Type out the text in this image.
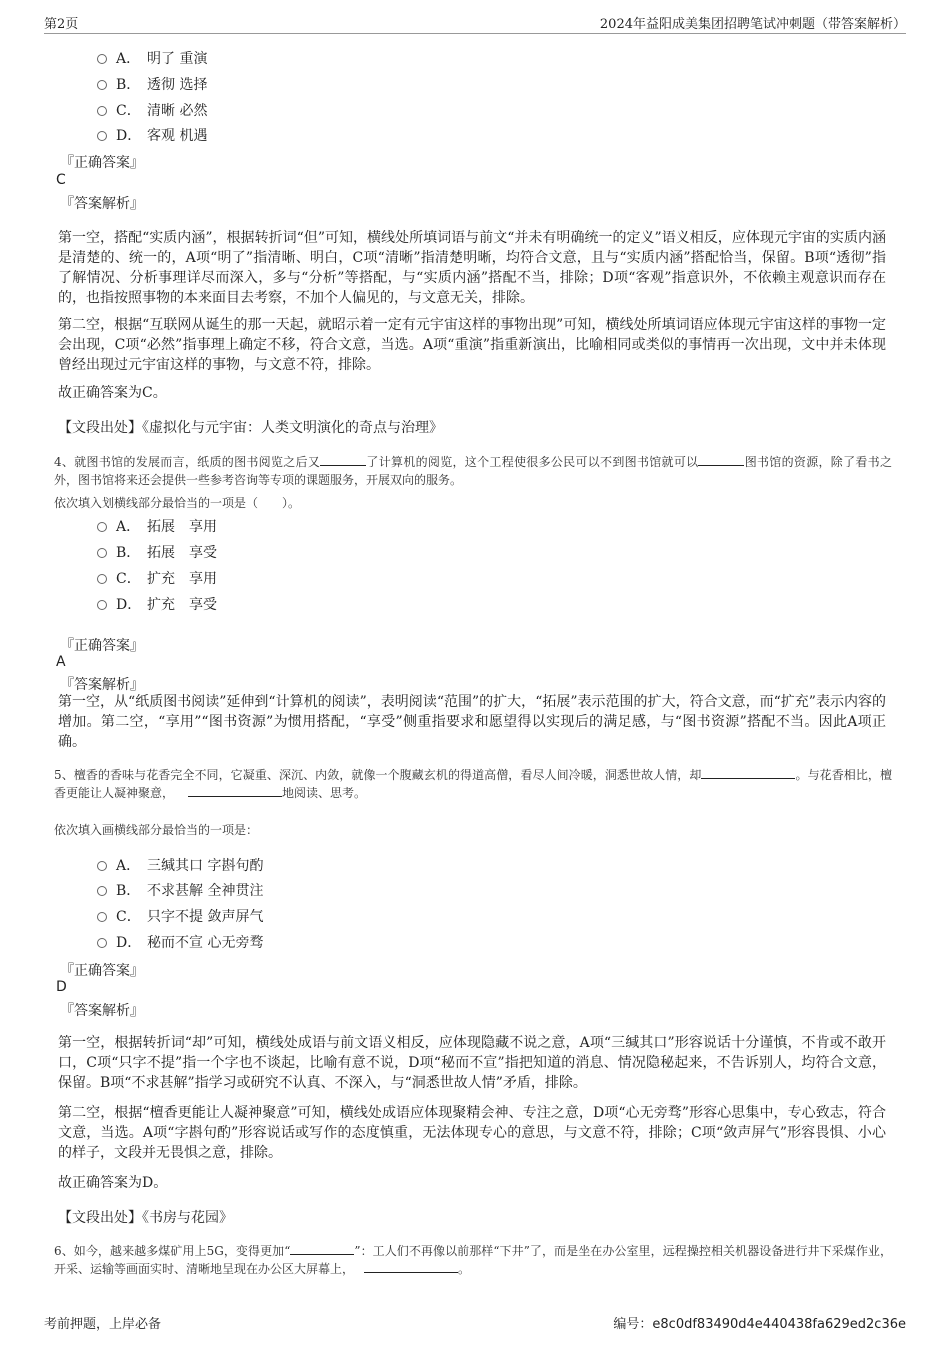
第2页	2024年益阳成美集团招聘笔试冲刺题（带答案解析）
A． 明了 重演
B． 透彻 选择
C． 清晰 必然
D． 客观 机遇
『正确答案』
C
『答案解析』
第一空，搭配“实质内涵”，根据转折词“但”可知，横线处所填词语与前文“并未有明确统一的定义”语义相反，应体现元宇宙的实质内涵是清楚的、统一的，A项“明了”指清晰、明白，C项“清晰”指清楚明晰，均符合文意，且与“实质内涵”搭配恰当，保留。B项“透彻”指了解情况、分析事理详尽而深入，多与“分析”等搭配，与“实质内涵”搭配不当，排除；D项“客观”指意识外，不依赖主观意识而存在的，也指按照事物的本来面目去考察，不加个人偏见的，与文意无关，排除。
第二空，根据“互联网从诞生的那一天起，就昭示着一定有元宇宙这样的事物出现”可知，横线处所填词语应体现元宇宙这样的事物一定会出现，C项“必然”指事理上确定不移，符合文意，当选。A项“重演”指重新演出，比喻相同或类似的事情再一次出现，文中并未体现曾经出现过元宇宙这样的事物，与文意不符，排除。
故正确答案为C。
【文段出处】《虚拟化与元宇宙：人类文明演化的奇点与治理》
4、就图书馆的发展而言，纸质的图书阅览之后又	了计算机的阅览，这个工程使很多公民可以不到图书馆就可以	图书馆的资源，除了看书之外，图书馆将来还会提供一些参考咨询等专项的课题服务，开展双向的服务。
依次填入划横线部分最恰当的一项是（　　）。
A． 拓展　享用
B． 拓展　享受
C． 扩充　享用
D． 扩充　享受
『正确答案』
A
『答案解析』
第一空，从“纸质图书阅读”延伸到“计算机的阅读”，表明阅读“范围”的扩大，“拓展”表示范围的扩大，符合文意，而“扩充”表示内容的增加。第二空，“享用”“图书资源”为惯用搭配，“享受”侧重指要求和愿望得以实现后的满足感，与“图书资源”搭配不当。因此A项正确。
5、檀香的香味与花香完全不同，它凝重、深沉、内敛，就像一个腹藏玄机的得道高僧，看尽人间冷暖，洞悉世故人情，却	。与花香相比，檀香更能让人凝神聚意，	地阅读、思考。
依次填入画横线部分最恰当的一项是：
A． 三缄其口 字斟句酌
B． 不求甚解 全神贯注
C． 只字不提 敛声屏气
D． 秘而不宣 心无旁骛
『正确答案』
D
『答案解析』
第一空，根据转折词“却”可知，横线处成语与前文语义相反，应体现隐藏不说之意，A项“三缄其口”形容说话十分谨慎，不肯或不敢开口，C项“只字不提”指一个字也不谈起，比喻有意不说，D项“秘而不宣”指把知道的消息、情况隐秘起来，不告诉别人，均符合文意，保留。B项“不求甚解”指学习或研究不认真、不深入，与“洞悉世故人情”矛盾，排除。
第二空，根据“檀香更能让人凝神聚意”可知，横线处成语应体现聚精会神、专注之意，D项“心无旁骛”形容心思集中，专心致志，符合文意，当选。A项“字斟句酌”形容说话或写作的态度慎重，无法体现专心的意思，与文意不符，排除；C项“敛声屏气”形容畏惧、小心的样子，文段并无畏惧之意，排除。
故正确答案为D。
【文段出处】《书房与花园》
6、如今，越来越多煤矿用上5G，变得更加“	”：工人们不再像以前那样“下井”了，而是坐在办公室里，远程操控相关机器设备进行井下采煤作业，开采、运输等画面实时、清晰地呈现在办公区大屏幕上，	。
考前押题，上岸必备	编号：e8c0df83490d4e440438fa629ed2c36e
